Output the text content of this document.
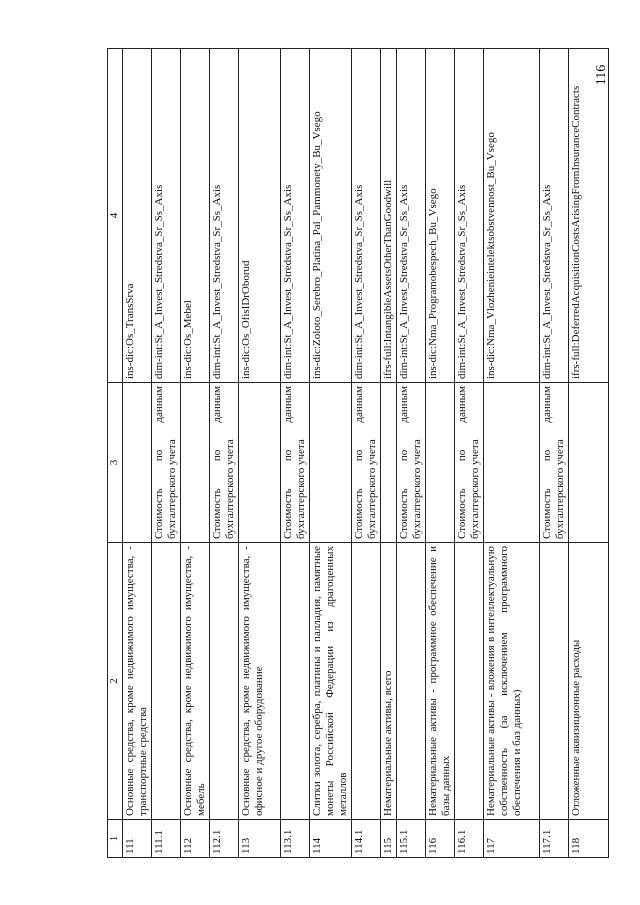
116
1	2	3	4
111	Основные средства, кроме недвижимого имущества, - транспортные средства		ins-dic:Os_TransSrva
111.1		Стоимость по данным бухгалтерского учета	dim-int:St_A_Invest_Stredstva_Sr_Ss_Axis
112	Основные средства, кроме недвижимого имущества, - мебель		ins-dic:Os_Mebel
112.1		Стоимость по данным бухгалтерского учета	dim-int:St_A_Invest_Stredstva_Sr_Ss_Axis
113	Основные средства, кроме недвижимого имущества, - офисное и другое оборудование		ins-dic:Os_OfisIDrOborud
113.1		Стоимость по данным бухгалтерского учета	dim-int:St_A_Invest_Stredstva_Sr_Ss_Axis
114	Слитки золота, серебра, платины и палладия, памятные монеты Российской Федерации из драгоценных металлов		ins-dic:Zoloto_Serebro_Platina_Pal_Pammonety_Bu_Vsego
114.1		Стоимость по данным бухгалтерского учета	dim-int:St_A_Invest_Stredstva_Sr_Ss_Axis
115	Нематериальные активы, всего		ifrs-full:IntangibleAssetsOtherThanGoodwill
115.1		Стоимость по данным бухгалтерского учета	dim-int:St_A_Invest_Stredstva_Sr_Ss_Axis
116	Нематериальные активы - программное обеспечение и базы данных		ins-dic:Nma_Programobespech_Bu_Vsego
116.1		Стоимость по данным бухгалтерского учета	dim-int:St_A_Invest_Stredstva_Sr_Ss_Axis
117	Нематериальные активы - вложения в интеллектуальную собственность (за исключением программного обеспечения и баз данных)		ins-dic:Nma_Vlozhenieintelektsobstvennost_Bu_Vsego
117.1		Стоимость по данным бухгалтерского учета	dim-int:St_A_Invest_Stredstva_Sr_Ss_Axis
118	Отложенные аквизиционные расходы		ifrs-full:DeferredAcquisitionCostsArisingFromInsuranceContracts
